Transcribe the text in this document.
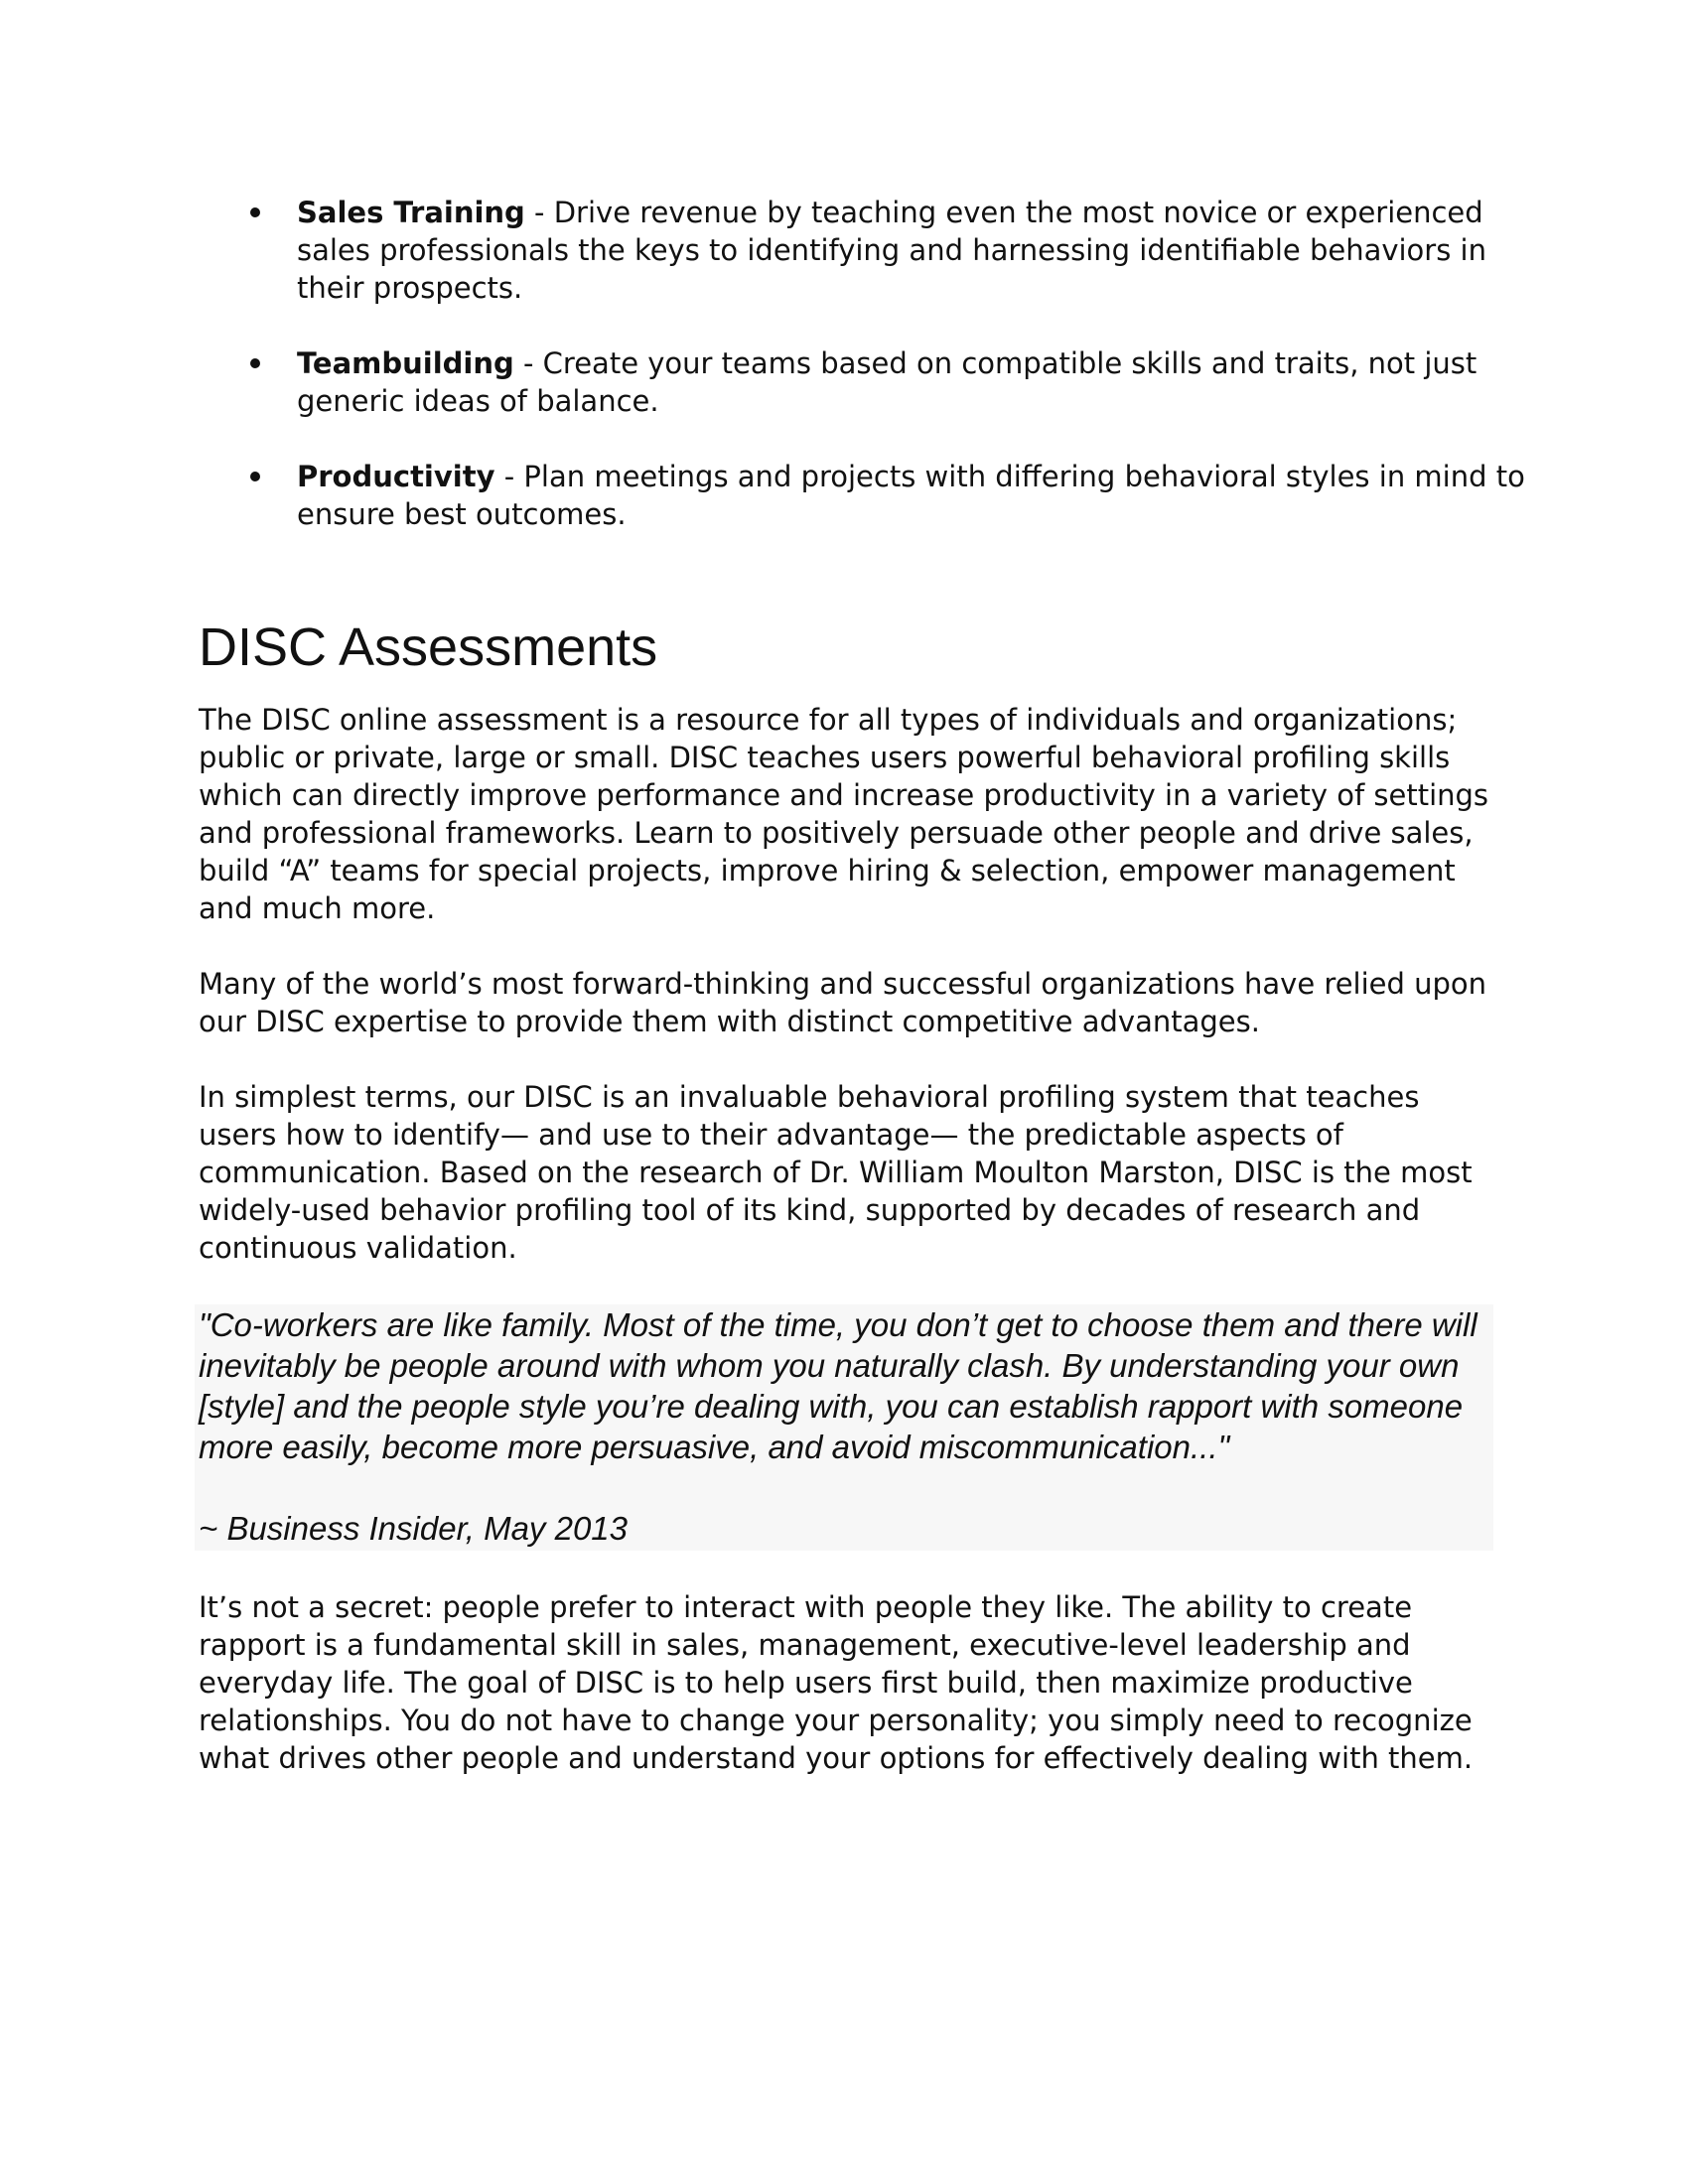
Sales Training - Drive revenue by teaching even the most novice or experienced sales professionals the keys to identifying and harnessing identifiable behaviors in their prospects.
Teambuilding - Create your teams based on compatible skills and traits, not just generic ideas of balance.
Productivity - Plan meetings and projects with differing behavioral styles in mind to ensure best outcomes.
DISC Assessments

The DISC online assessment is a resource for all types of individuals and organizations; public or private, large or small. DISC teaches users powerful behavioral profiling skills which can directly improve performance and increase productivity in a variety of settings and professional frameworks. Learn to positively persuade other people and drive sales, build “A” teams for special projects, improve hiring & selection, empower management and much more.

Many of the world’s most forward-thinking and successful organizations have relied upon our DISC expertise to provide them with distinct competitive advantages.

In simplest terms, our DISC is an invaluable behavioral profiling system that teaches users how to identify— and use to their advantage— the predictable aspects of communication. Based on the research of Dr. William Moulton Marston, DISC is the most widely-used behavior profiling tool of its kind, supported by decades of research and continuous validation.

"Co-workers are like family. Most of the time, you don’t get to choose them and there will inevitably be people around with whom you naturally clash. By understanding your own [style] and the people style you’re dealing with, you can establish rapport with someone more easily, become more persuasive, and avoid miscommunication..."

~ Business Insider, May 2013

It’s not a secret: people prefer to interact with people they like. The ability to create rapport is a fundamental skill in sales, management, executive-level leadership and everyday life. The goal of DISC is to help users first build, then maximize productive relationships. You do not have to change your personality; you simply need to recognize what drives other people and understand your options for effectively dealing with them.
